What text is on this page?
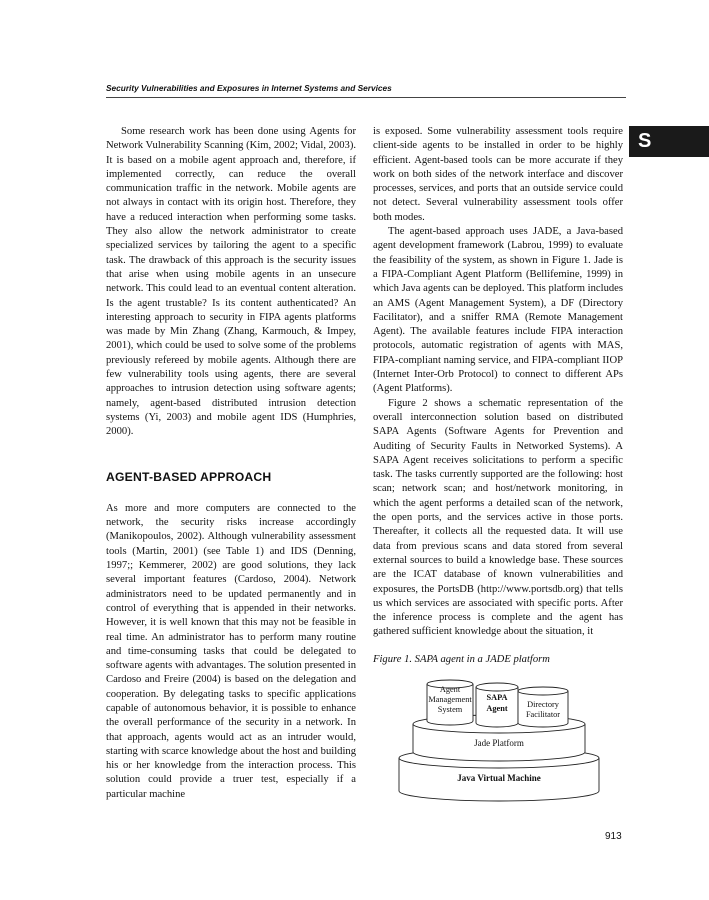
Security Vulnerabilities and Exposures in Internet Systems and Services
S

Some research work has been done using Agents for Network Vulnerability Scanning (Kim, 2002; Vidal, 2003). It is based on a mobile agent approach and, therefore, if implemented correctly, can reduce the overall communication traffic in the network. Mobile agents are not always in contact with its origin host. Therefore, they have a reduced interaction when performing some tasks. They also allow the network administrator to create specialized services by tailoring the agent to a specific task. The drawback of this approach is the security issues that arise when using mobile agents in an unsecure network. This could lead to an eventual content alteration. Is the agent trustable? Is its content authenticated? An interesting approach to security in FIPA agents platforms was made by Min Zhang (Zhang, Karmouch, & Impey, 2001), which could be used to solve some of the problems previously refereed by mobile agents. Although there are few vulnerability tools using agents, there are several approaches to intrusion detection using software agents; namely, agent-based distributed intrusion detection systems (Yi, 2003) and mobile agent IDS (Humphries, 2000).

AGENT-BASED APPROACH

As more and more computers are connected to the network, the security risks increase accordingly (Manikopoulos, 2002). Although vulnerability assessment tools (Martin, 2001) (see Table 1) and IDS (Denning, 1997;; Kemmerer, 2002) are good solutions, they lack several important features (Cardoso, 2004). Network administrators need to be updated permanently and in control of everything that is appended in their networks. However, it is well known that this may not be feasible in real time. An administrator has to perform many routine and time-consuming tasks that could be delegated to software agents with advantages. The solution presented in Cardoso and Freire (2004) is based on the delegation and cooperation. By delegating tasks to specific applications capable of autonomous behavior, it is possible to enhance the overall performance of the security in a network. In that approach, agents would act as an intruder would, starting with scarce knowledge about the host and building his or her knowledge from the interaction process. This solution could provide a truer test, especially if a particular machine

is exposed. Some vulnerability assessment tools require client-side agents to be installed in order to be highly efficient. Agent-based tools can be more accurate if they work on both sides of the network interface and discover processes, services, and ports that an outside service could not detect. Several vulnerability assessment tools offer both modes.

The agent-based approach uses JADE, a Java-based agent development framework (Labrou, 1999) to evaluate the feasibility of the system, as shown in Figure 1. Jade is a FIPA-Compliant Agent Platform (Bellifemine, 1999) in which Java agents can be deployed. This platform includes an AMS (Agent Management System), a DF (Directory Facilitator), and a sniffer RMA (Remote Management Agent). The available features include FIPA interaction protocols, automatic registration of agents with MAS, FIPA-compliant naming service, and FIPA-compliant IIOP (Internet Inter-Orb Protocol) to connect to different APs (Agent Platforms).

Figure 2 shows a schematic representation of the overall interconnection solution based on distributed SAPA Agents (Software Agents for Prevention and Auditing of Security Faults in Networked Systems). A SAPA Agent receives solicitations to perform a specific task. The tasks currently supported are the following: host scan; network scan; and host/network monitoring, in which the agent performs a detailed scan of the network, the open ports, and the services active in those ports. Thereafter, it collects all the requested data. It will use data from previous scans and data stored from several external sources to build a knowledge base. These sources are the ICAT database of known vulnerabilities and exposures, the PortsDB (http://www.portsdb.org) that tells us which services are associated with specific ports. After the inference process is complete and the agent has gathered sufficient knowledge about the situation, it

Figure 1. SAPA agent in a JADE platform
Agent
Management
System
SAPA
Agent Directory
Facilitator
Jade Platform
Java Virtual Machine
913
